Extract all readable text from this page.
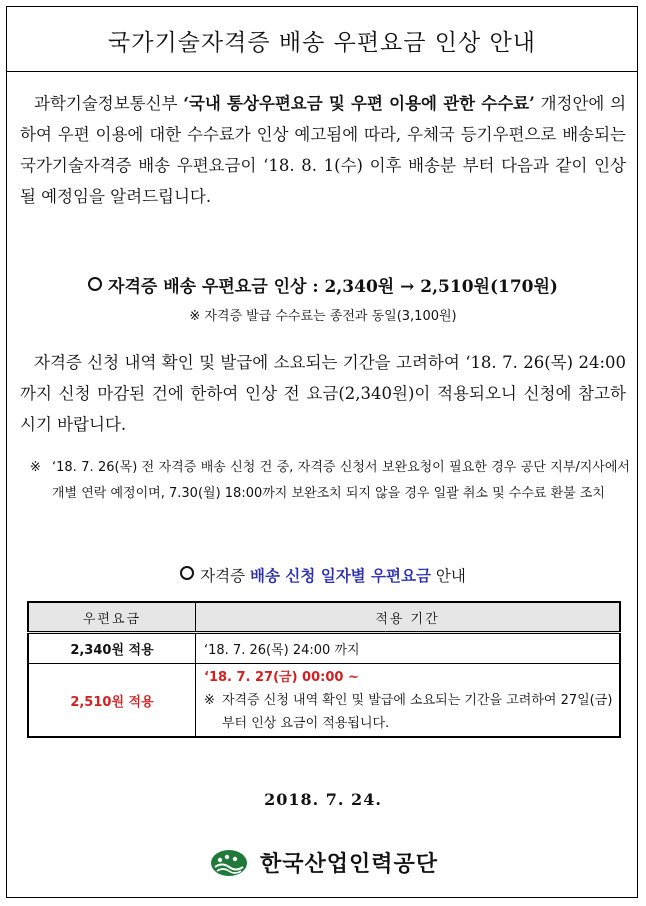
국가기술자격증 배송 우편요금 인상 안내
과학기술정보통신부 ‘국내 통상우편요금 및 우편 이용에 관한 수수료’ 개정안에 의하여 우편 이용에 대한 수수료가 인상 예고됨에 따라, 우체국 등기우편으로 배송되는 국가기술자격증 배송 우편요금이 ‘18. 8. 1(수) 이후 배송분 부터 다음과 같이 인상될 예정임을 알려드립니다.
자격증 배송 우편요금 인상 : 2,340원 → 2,510원(170원)
※ 자격증 발급 수수료는 종전과 동일(3,100원)
자격증 신청 내역 확인 및 발급에 소요되는 기간을 고려하여 ‘18. 7. 26(목) 24:00 까지 신청 마감된 건에 한하여 인상 전 요금(2,340원)이 적용되오니 신청에 참고하시기 바랍니다.
※ ‘18. 7. 26(목) 전 자격증 배송 신청 건 중, 자격증 신청서 보완요청이 필요한 경우 공단 지부/지사에서 개별 연락 예정이며, 7.30(월) 18:00까지 보완조치 되지 않을 경우 일괄 취소 및 수수료 환불 조치
자격증 배송 신청 일자별 우편요금 안내
우편요금	적용 기간
2,340원 적용	‘18. 7. 26(목) 24:00 까지
2,510원 적용	‘18. 7. 27(금) 00:00 ~
※ 자격증 신청 내역 확인 및 발급에 소요되는 기간을 고려하여 27일(금)부터 인상 요금이 적용됩니다.
2018. 7. 24.
한국산업인력공단
